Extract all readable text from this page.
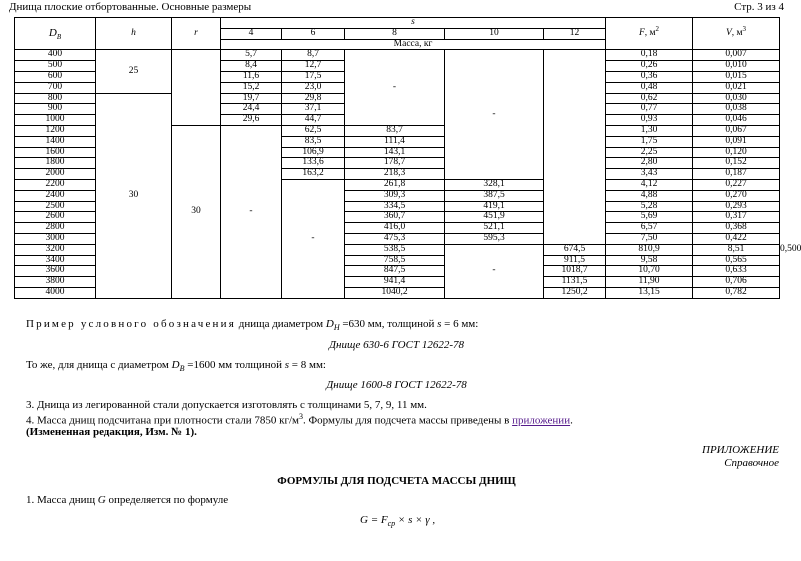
Днища плоские отбортованные. Основные размеры	Стр. 3 из 4
$D_В$	h	r	s					F, $м^2$	V, $м^3$
			4	6	8	10	12			
			Масса, кг							
400	25		5,7	8,7	-	-		0,18	0,007	
500			8,4	12,7				0,26	0,010	
600			11,6	17,5				0,36	0,015	
700			15,2	23,0				0,48	0,021	
800	30		19,7	29,8				0,62	0,030	
900			24,4	37,1				0,77	0,038	
1000			29,6	44,7				0,93	0,046	
1200		30	-	62,5	83,7			1,30	0,067	
1400				83,5	111,4			1,75	0,091	
1600				106,9	143,1			2,25	0,120	
1800				133,6	178,7			2,80	0,152	
2000				163,2	218,3			3,43	0,187	
2200				-	261,8	328,1		4,12	0,227	
2400					309,3	387,5		4,88	0,270	
2500					334,5	419,1		5,28	0,293	
2600					360,7	451,9		5,69	0,317	
2800					416,0	521,1		6,57	0,368	
3000					475,3	595,3		7,50	0,422	
3200					538,5	-	674,5	810,9	8,51	0,500
3400					758,5		911,5	9,58	0,565	
3600					847,5		1018,7	10,70	0,633	
3800					941,4		1131,5	11,90	0,706	
4000					1040,2		1250,2	13,15	0,782	
Пример условного обозначения днища диаметром $D_Н =630$ мм, толщиной s = 6 мм:
Днище 630-6 ГОСТ 12622-78
То же, для днища с диаметром $D_В =1600$ мм толщиной s = 8 мм:
Днище 1600-8 ГОСТ 12622-78
3. Днища из легированной стали допускается изготовлять с толщинами 5, 7, 9, 11 мм.
4. Масса днищ подсчитана при плотности стали 7850 $кг/м^3$. Формулы для подсчета массы приведены в приложении.
(Измененная редакция, Изм. № 1).
ПРИЛОЖЕНИЕ
Справочное
ФОРМУЛЫ ДЛЯ ПОДСЧЕТА МАССЫ ДНИЩ
1. Масса днищ G определяется по формуле
$G = F_{ср} \times s \times \gamma$ ,
